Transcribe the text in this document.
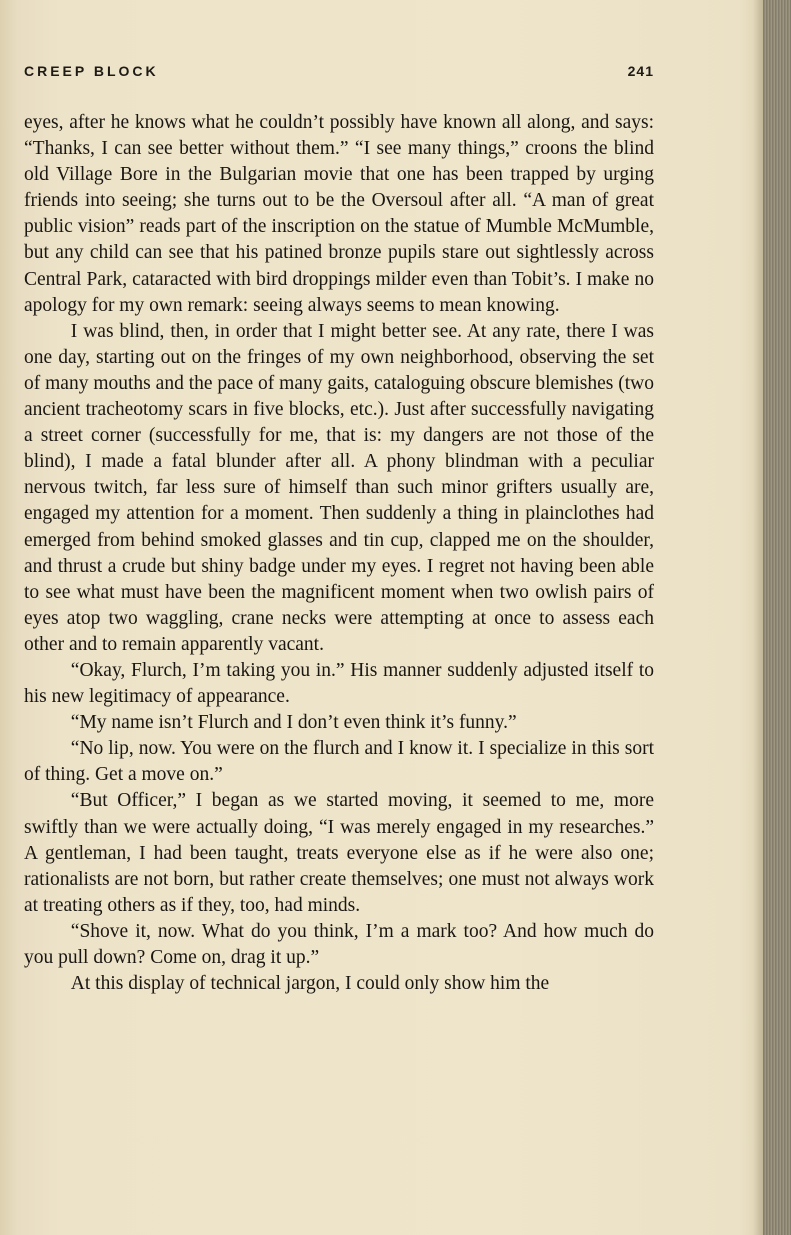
CREEP BLOCK	241

eyes, after he knows what he couldn’t possibly have known all along, and says: “Thanks, I can see better without them.” “I see many things,” croons the blind old Village Bore in the Bulgarian movie that one has been trapped by urging friends into seeing; she turns out to be the Oversoul after all. “A man of great public vision” reads part of the inscription on the statue of Mumble McMumble, but any child can see that his patined bronze pupils stare out sightlessly across Central Park, cataracted with bird droppings milder even than Tobit’s. I make no apology for my own remark: seeing always seems to mean knowing.

I was blind, then, in order that I might better see. At any rate, there I was one day, starting out on the fringes of my own neighborhood, observing the set of many mouths and the pace of many gaits, cataloguing obscure blemishes (two ancient tracheotomy scars in five blocks, etc.). Just after successfully navigating a street corner (successfully for me, that is: my dangers are not those of the blind), I made a fatal blunder after all. A phony blindman with a peculiar nervous twitch, far less sure of himself than such minor grifters usually are, engaged my attention for a moment. Then suddenly a thing in plainclothes had emerged from behind smoked glasses and tin cup, clapped me on the shoulder, and thrust a crude but shiny badge under my eyes. I regret not having been able to see what must have been the magnificent moment when two owlish pairs of eyes atop two waggling, crane necks were attempting at once to assess each other and to remain apparently vacant.

“Okay, Flurch, I’m taking you in.” His manner suddenly adjusted itself to his new legitimacy of appearance.

“My name isn’t Flurch and I don’t even think it’s funny.”

“No lip, now. You were on the flurch and I know it. I specialize in this sort of thing. Get a move on.”

“But Officer,” I began as we started moving, it seemed to me, more swiftly than we were actually doing, “I was merely engaged in my researches.” A gentleman, I had been taught, treats everyone else as if he were also one; rationalists are not born, but rather create themselves; one must not always work at treating others as if they, too, had minds.

“Shove it, now. What do you think, I’m a mark too? And how much do you pull down? Come on, drag it up.”

At this display of technical jargon, I could only show him the
